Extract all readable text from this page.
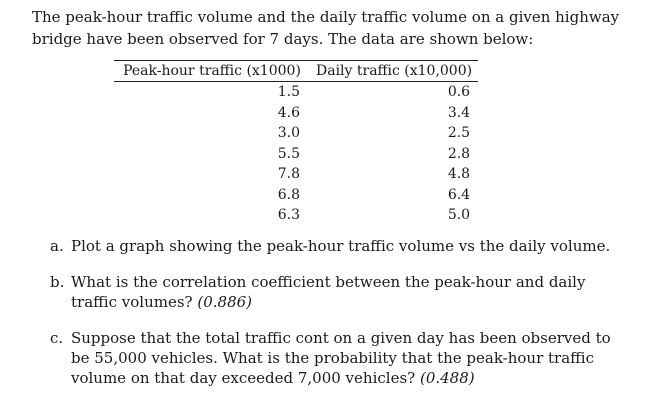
The peak-hour traffic volume and the daily traffic volume on a given highway
bridge have been observed for 7 days. The data are shown below:

Peak-hour traffic (x1000)	Daily traffic (x10,000)
1.5	0.6
4.6	3.4
3.0	2.5
5.5	2.8
7.8	4.8
6.8	6.4
6.3	5.0
a. Plot a graph showing the peak-hour traffic volume vs the daily volume.
b. What is the correlation coefficient between the peak-hour and daily
traffic volumes? (0.886)
c. Suppose that the total traffic cont on a given day has been observed to
be 55,000 vehicles. What is the probability that the peak-hour traffic
volume on that day exceeded 7,000 vehicles? (0.488)
